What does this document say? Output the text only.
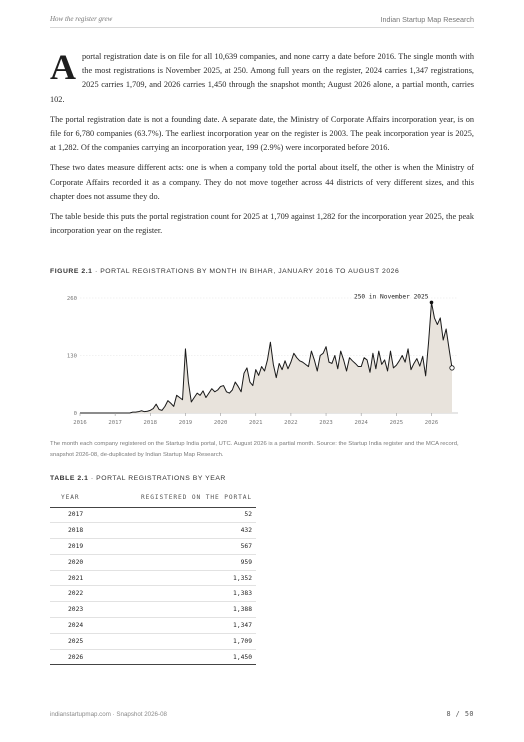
How the register grew	Indian Startup Map Research

Aportal registration date is on file for all 10,639 companies, and none carry a date before 2016. The single month with the most registrations is November 2025, at 250. Among full years on the register, 2024 carries 1,347 registrations, 2025 carries 1,709, and 2026 carries 1,450 through the snapshot month; August 2026 alone, a partial month, carries 102.

The portal registration date is not a founding date. A separate date, the Ministry of Corporate Affairs incorporation year, is on file for 6,780 companies (63.7%). The earliest incorporation year on the register is 2003. The peak incorporation year is 2025, at 1,282. Of the companies carrying an incorporation year, 199 (2.9%) were incorporated before 2016.

These two dates measure different acts: one is when a company told the portal about itself, the other is when the Ministry of Corporate Affairs recorded it as a company. They do not move together across 44 districts of very different sizes, and this chapter does not assume they do.

The table beside this puts the portal registration count for 2025 at 1,709 against 1,282 for the incorporation year 2025, the peak incorporation year on the register.

FIGURE 2.1 · PORTAL REGISTRATIONS BY MONTH IN BIHAR, JANUARY 2016 TO AUGUST 2026
0
130
260
2016	2017	2018	2019	2020	2021	2022	2023	2024	2025	2026
250 in November 2025
The month each company registered on the Startup India portal, UTC. August 2026 is a partial month. Source: the Startup India register and the MCA record, snapshot 2026-08, de-duplicated by Indian Startup Map Research.
TABLE 2.1 · PORTAL REGISTRATIONS BY YEAR
YEAR	REGISTERED ON THE PORTAL
2017	52
2018	432
2019	567
2020	959
2021	1,352
2022	1,383
2023	1,388
2024	1,347
2025	1,709
2026	1,450
indianstartupmap.com · Snapshot 2026-08	8 / 50
